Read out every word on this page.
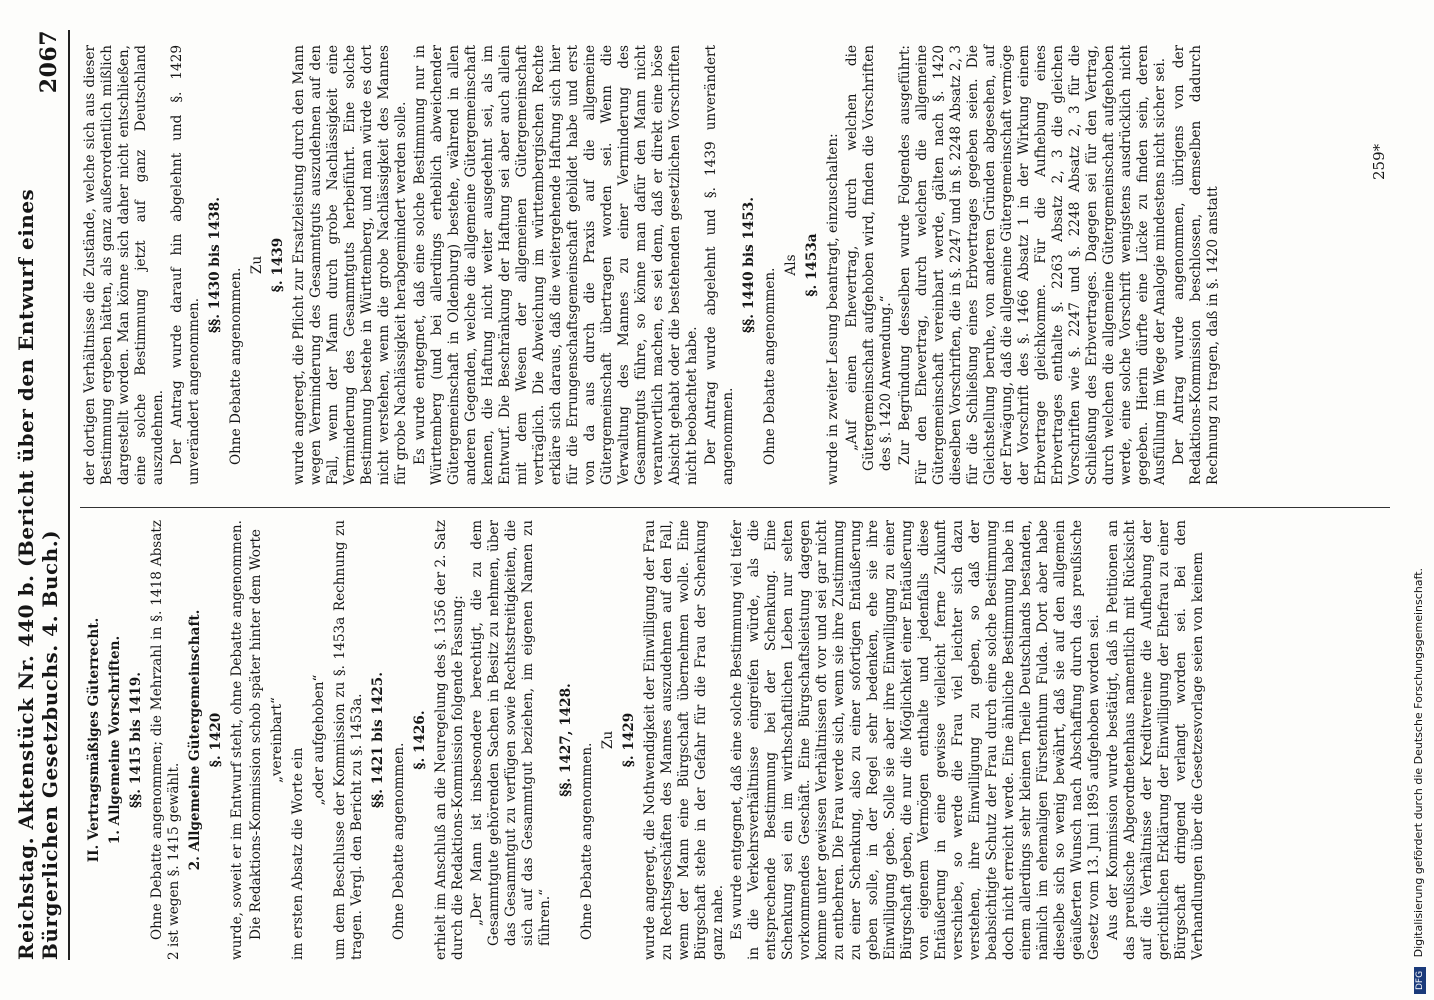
Reichstag. Aktenstück Nr. 440 b. (Bericht über den Entwurf eines Bürgerlichen Gesetzbuchs. 4. Buch.)
2067
II. Vertragsmäßiges Güterrecht. 1. Allgemeine Vorschriften. §§. 1415 bis 1419. Ohne Debatte angenommen; die Mehrzahl in §. 1418 Absatz 2 ist wegen §. 1415 gewählt. 2. Allgemeine Gütergemeinschaft. §. 1420 wurde, soweit er im Entwurf steht, ohne Debatte angenommen. Die Redaktions-Kommission schob später hinter dem Worte „vereinbart“

im ersten Absatz die Worte ein

„oder aufgehoben“ um dem Beschlusse der Kommission zu §. 1453a Rechnung zu tragen. Vergl. den Bericht zu §. 1453a. §§. 1421 bis 1425.

Ohne Debatte angenommen.

§. 1426. erhielt im Anschluß an die Neuregelung des §. 1356 der 2. Satz durch die Redaktions-Kommission folgende Fassung: „Der Mann ist insbesondere berechtigt, die zu dem Gesammtgute gehörenden Sachen in Besitz zu nehmen, über das Gesammtgut zu verfügen sowie Rechtsstreitigkeiten, die sich auf das Gesammtgut beziehen, im eigenen Namen zu führen.“

§§. 1427, 1428.

Ohne Debatte angenommen.

Zu §. 1429 wurde angeregt, die Nothwendigkeit der Einwilligung der Frau zu Rechtsgeschäften des Mannes auszudehnen auf den Fall, wenn der Mann eine Bürgschaft übernehmen wolle. Eine Bürgschaft stehe in der Gefahr für die Frau der Schenkung ganz nahe. Es wurde entgegnet, daß eine solche Bestimmung viel tiefer in die Verkehrsverhältnisse eingreifen würde, als die entsprechende Bestimmung bei der Schenkung. Eine Schenkung sei ein im wirthschaftlichen Leben nur selten vorkommendes Geschäft. Eine Bürgschaftsleistung dagegen komme unter gewissen Verhältnissen oft vor und sei gar nicht zu entbehren. Die Frau werde sich, wenn sie ihre Zustimmung zu einer Schenkung, also zu einer sofortigen Entäußerung geben solle, in der Regel sehr bedenken, ehe sie ihre Einwilligung gebe. Solle sie aber ihre Einwilligung zu einer Bürgschaft geben, die nur die Möglichkeit einer Entäußerung von eigenem Vermögen enthalte und jedenfalls diese Entäußerung in eine gewisse vielleicht ferne Zukunft verschiebe, so werde die Frau viel leichter sich dazu verstehen, ihre Einwilligung zu geben, so daß der beabsichtigte Schutz der Frau durch eine solche Bestimmung doch nicht erreicht werde. Eine ähnliche Bestimmung habe in einem allerdings sehr kleinen Theile Deutschlands bestanden, nämlich im ehemaligen Fürstenthum Fulda. Dort aber habe dieselbe sich so wenig bewährt, daß sie auf den allgemein geäußerten Wunsch nach Abschaffung durch das preußische Gesetz vom 13. Juni 1895 aufgehoben worden sei. Aus der Kommission wurde bestätigt, daß in Petitionen an das preußische Abgeordnetenhaus namentlich mit Rücksicht auf die Verhältnisse der Kreditvereine die Aufhebung der gerichtlichen Erklärung der Einwilligung der Ehefrau zu einer Bürgschaft dringend verlangt worden sei. Bei den Verhandlungen über die Gesetzesvorlage seien von keinem

der dortigen Verhältnisse die Zustände, welche sich aus dieser Bestimmung ergeben hätten, als ganz außerordentlich mißlich dargestellt worden. Man könne sich daher nicht entschließen, eine solche Bestimmung jetzt auf ganz Deutschland auszudehnen. Der Antrag wurde darauf hin abgelehnt und §. 1429 unverändert angenommen.

§§. 1430 bis 1438.

Ohne Debatte angenommen.

Zu §. 1439 wurde angeregt, die Pflicht zur Ersatzleistung durch den Mann wegen Verminderung des Gesammtguts auszudehnen auf den Fall, wenn der Mann durch grobe Nachlässigkeit eine Verminderung des Gesammtguts herbeiführt. Eine solche Bestimmung bestehe in Württemberg, und man würde es dort nicht verstehen, wenn die grobe Nachlässigkeit des Mannes für grobe Nachlässigkeit herabgemindert werden solle. Es wurde entgegnet, daß eine solche Bestimmung nur in Württemberg (und bei allerdings erheblich abweichender Gütergemeinschaft in Oldenburg) bestehe, während in allen anderen Gegenden, welche die allgemeine Gütergemeinschaft kennen, die Haftung nicht weiter ausgedehnt sei, als im Entwurf. Die Beschränkung der Haftung sei aber auch allein mit dem Wesen der allgemeinen Gütergemeinschaft verträglich. Die Abweichung im württembergischen Rechte erkläre sich daraus, daß die weitergehende Haftung sich hier für die Errungenschaftsgemeinschaft gebildet habe und erst von da aus durch die Praxis auf die allgemeine Gütergemeinschaft übertragen worden sei. Wenn die Verwaltung des Mannes zu einer Verminderung des Gesammtguts führe, so könne man dafür den Mann nicht verantwortlich machen, es sei denn, daß er direkt eine böse Absicht gehabt oder die bestehenden gesetzlichen Vorschriften nicht beobachtet habe. Der Antrag wurde abgelehnt und §. 1439 unverändert angenommen.

§§. 1440 bis 1453.

Ohne Debatte angenommen.

Als §. 1453a wurde in zweiter Lesung beantragt, einzuschalten: „Auf einen Ehevertrag, durch welchen die Gütergemeinschaft aufgehoben wird, finden die Vorschriften des §. 1420 Anwendung.“ Zur Begründung desselben wurde Folgendes ausgeführt: Für den Ehevertrag, durch welchen die allgemeine Gütergemeinschaft vereinbart werde, gälten nach §. 1420 dieselben Vorschriften, die in §. 2247 und in §. 2248 Absatz 2, 3 für die Schließung eines Erbvertrages gegeben seien. Die Gleichstellung beruhe, von anderen Gründen abgesehen, auf der Erwägung, daß die allgemeine Gütergemeinschaft vermöge der Vorschrift des §. 1466 Absatz 1 in der Wirkung einem Erbvertrage gleichkomme. Für die Aufhebung eines Erbvertrages enthalte §. 2263 Absatz 2, 3 die gleichen Vorschriften wie §. 2247 und §. 2248 Absatz 2, 3 für die Schließung des Erbvertrages. Dagegen sei für den Vertrag, durch welchen die allgemeine Gütergemeinschaft aufgehoben werde, eine solche Vorschrift wenigstens ausdrücklich nicht gegeben. Hierin dürfte eine Lücke zu finden sein, deren Ausfüllung im Wege der Analogie mindestens nicht sicher sei. Der Antrag wurde angenommen, übrigens von der Redaktions-Kommission beschlossen, demselben dadurch Rechnung zu tragen, daß in §. 1420 anstatt

259*
DFG Digitalisierung gefördert durch die Deutsche Forschungsgemeinschaft.
